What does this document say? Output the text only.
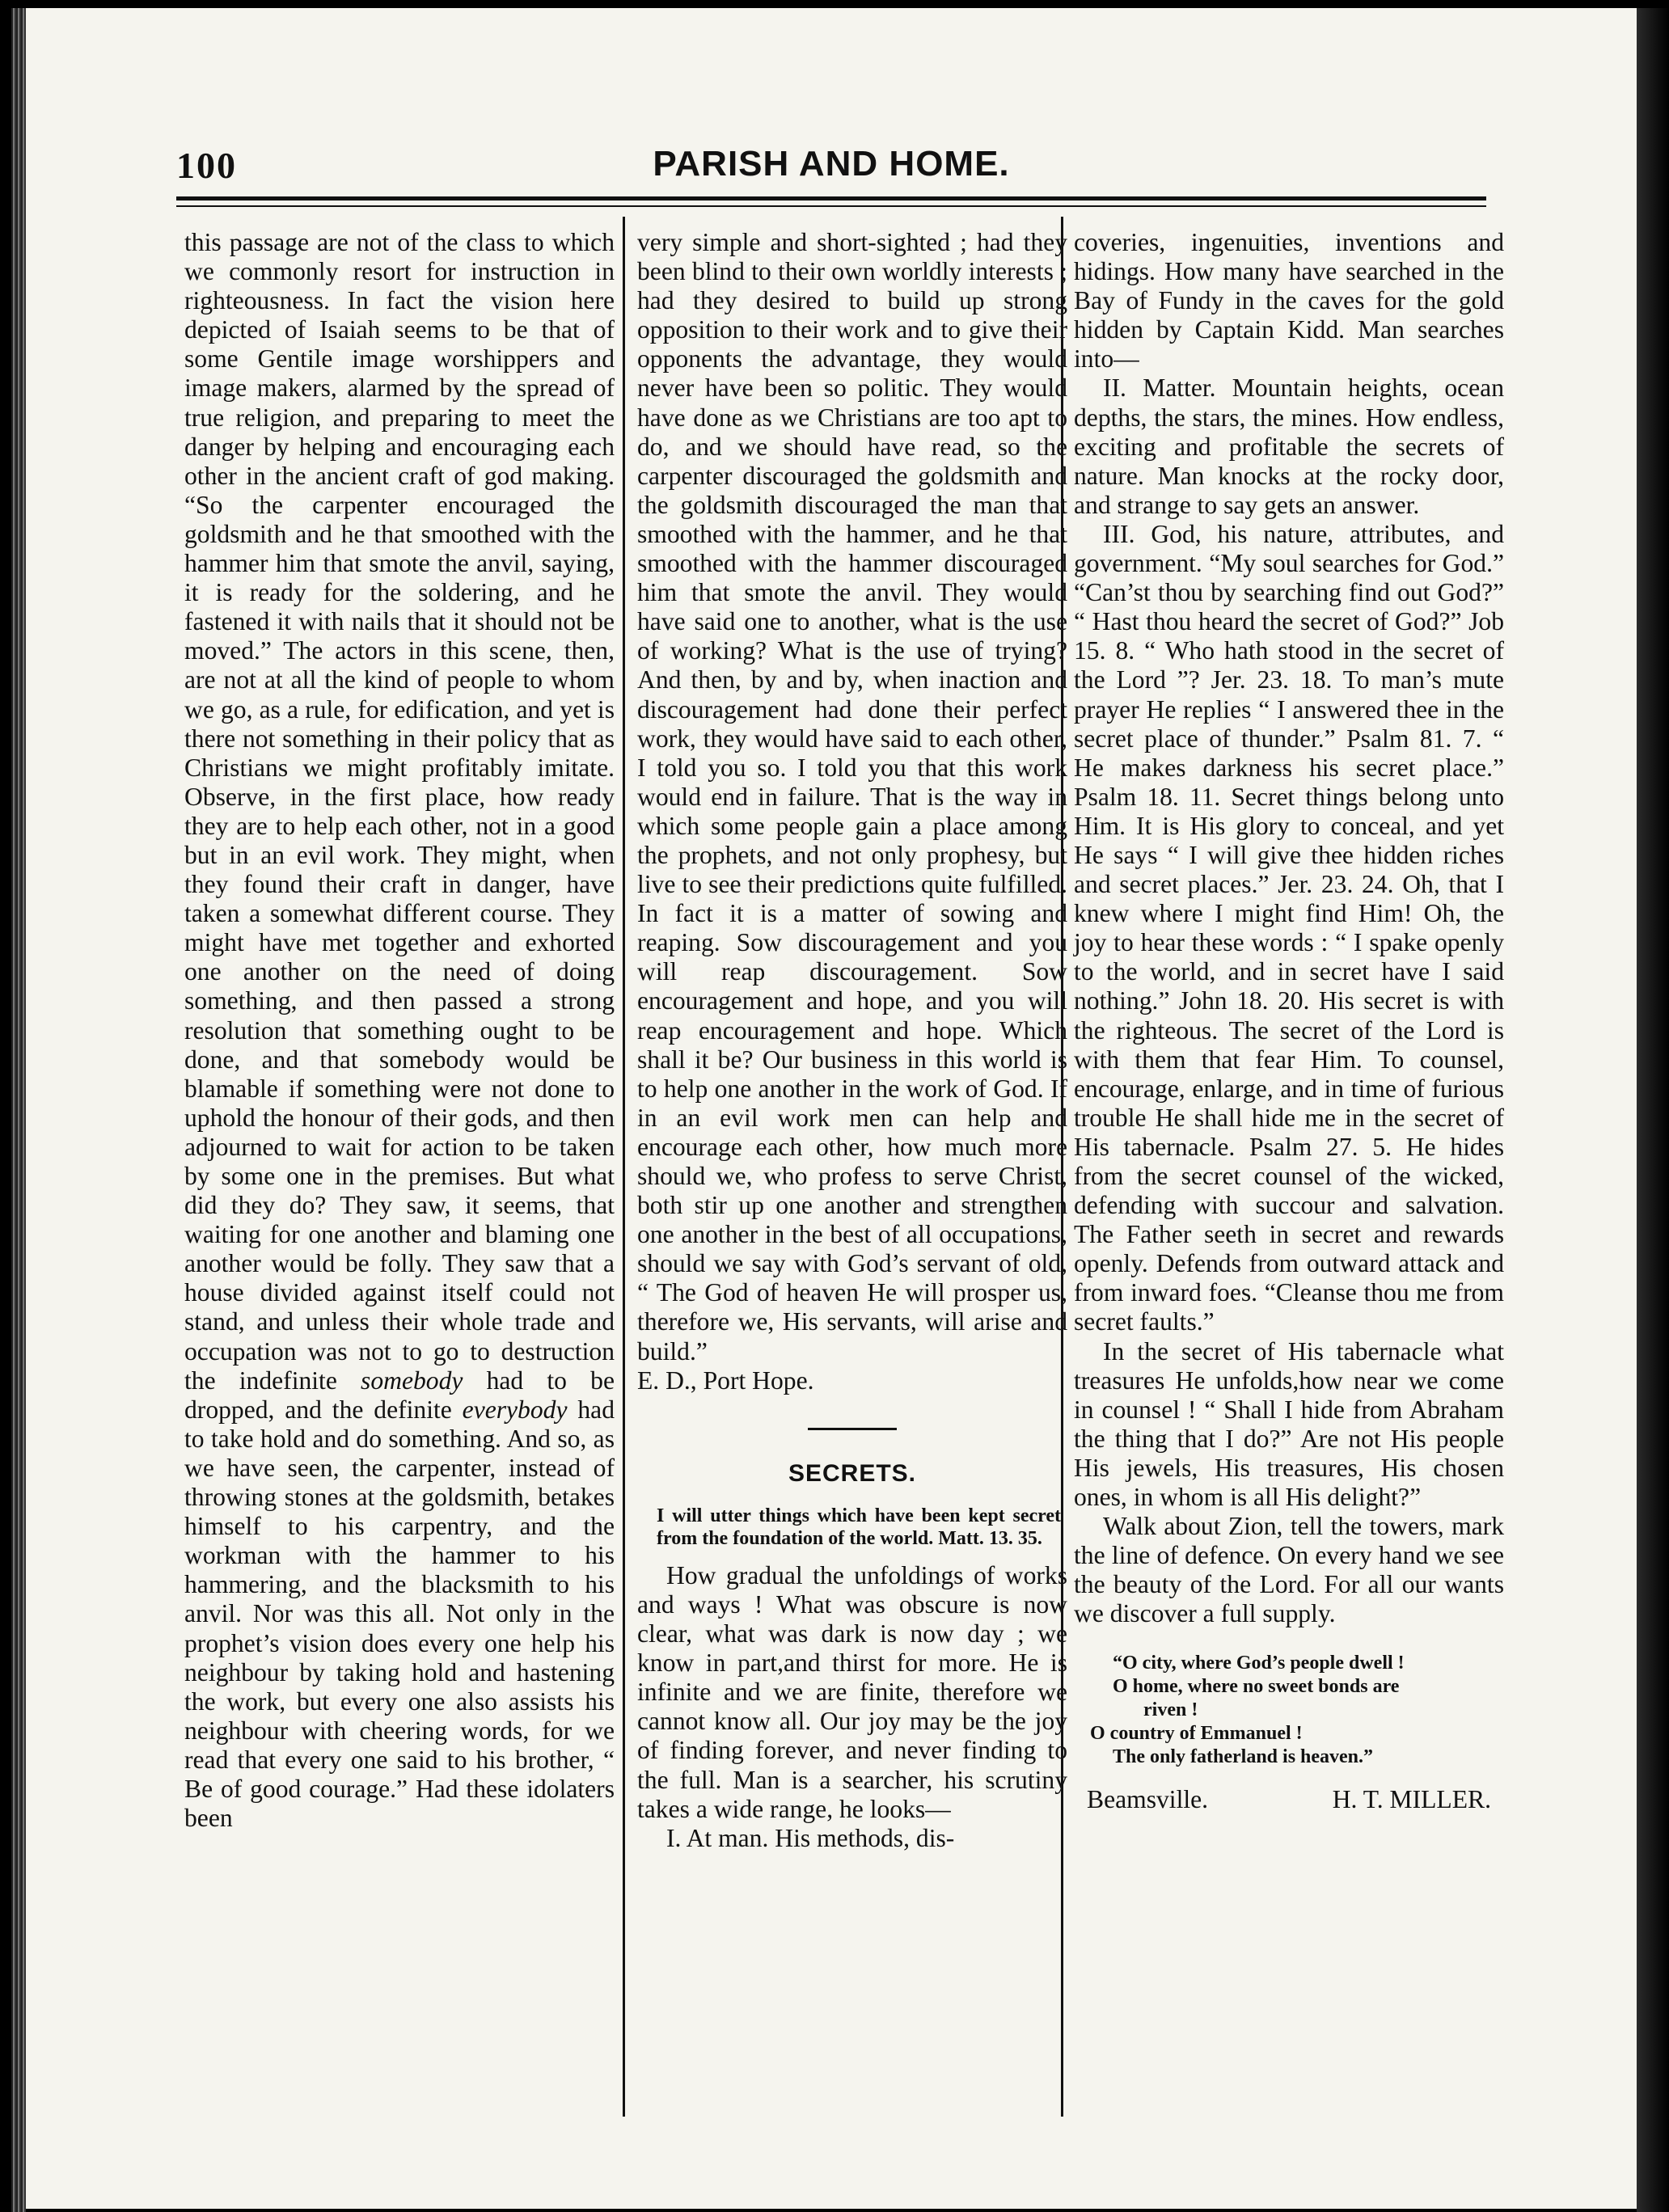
100	PARISH AND HOME.

this passage are not of the class to which we commonly resort for instruction in righteousness. In fact the vision here depicted of Isaiah seems to be that of some Gentile image worshippers and image makers, alarmed by the spread of true religion, and preparing to meet the danger by helping and encouraging each other in the ancient craft of god making. “So the carpenter encouraged the goldsmith and he that smoothed with the hammer him that smote the anvil, saying, it is ready for the soldering, and he fastened it with nails that it should not be moved.” The actors in this scene, then, are not at all the kind of people to whom we go, as a rule, for edification, and yet is there not something in their policy that as Christians we might profitably imitate. Observe, in the first place, how ready they are to help each other, not in a good but in an evil work. They might, when they found their craft in danger, have taken a somewhat different course. They might have met together and exhorted one another on the need of doing something, and then passed a strong resolution that something ought to be done, and that somebody would be blamable if something were not done to uphold the honour of their gods, and then adjourned to wait for action to be taken by some one in the premises. But what did they do? They saw, it seems, that waiting for one another and blaming one another would be folly. They saw that a house divided against itself could not stand, and unless their whole trade and occupation was not to go to destruction the indefinite somebody had to be dropped, and the definite everybody had to take hold and do something. And so, as we have seen, the carpenter, instead of throwing stones at the goldsmith, betakes himself to his carpentry, and the workman with the hammer to his hammering, and the blacksmith to his anvil. Nor was this all. Not only in the prophet’s vision does every one help his neighbour by taking hold and hastening the work, but every one also assists his neighbour with cheering words, for we read that every one said to his brother, “ Be of good courage.” Had these idolaters been

very simple and short-sighted ; had they been blind to their own worldly interests ; had they desired to build up strong opposition to their work and to give their opponents the advantage, they would never have been so politic. They would have done as we Christians are too apt to do, and we should have read, so the carpenter discouraged the goldsmith and the goldsmith discouraged the man that smoothed with the hammer, and he that smoothed with the hammer discouraged him that smote the anvil. They would have said one to another, what is the use of working? What is the use of trying? And then, by and by, when inaction and discouragement had done their perfect work, they would have said to each other, I told you so. I told you that this work would end in failure. That is the way in which some people gain a place among the prophets, and not only prophesy, but live to see their predictions quite fulfilled. In fact it is a matter of sowing and reaping. Sow discouragement and you will reap discouragement. Sow encouragement and hope, and you will reap encouragement and hope. Which shall it be? Our business in this world is to help one another in the work of God. If in an evil work men can help and encourage each other, how much more should we, who profess to serve Christ, both stir up one another and strengthen one another in the best of all occupations, should we say with God’s servant of old, “ The God of heaven He will prosper us, therefore we, His servants, will arise and build.”

E. D., Port Hope.

SECRETS.

I will utter things which have been kept secret from the foundation of the world. Matt. 13. 35.

How gradual the unfoldings of works and ways ! What was obscure is now clear, what was dark is now day ; we know in part,and thirst for more. He is infinite and we are finite, therefore we cannot know all. Our joy may be the joy of finding forever, and never finding to the full. Man is a searcher, his scrutiny takes a wide range, he looks—

I. At man. His methods, dis-

coveries, ingenuities, inventions and hidings. How many have searched in the Bay of Fundy in the caves for the gold hidden by Captain Kidd. Man searches into—

II. Matter. Mountain heights, ocean depths, the stars, the mines. How endless, exciting and profitable the secrets of nature. Man knocks at the rocky door, and strange to say gets an answer.

III. God, his nature, attributes, and government. “My soul searches for God.” “Can’st thou by searching find out God?” “ Hast thou heard the secret of God?” Job 15. 8. “ Who hath stood in the secret of the Lord ”? Jer. 23. 18. To man’s mute prayer He replies “ I answered thee in the secret place of thunder.” Psalm 81. 7. “ He makes darkness his secret place.” Psalm 18. 11. Secret things belong unto Him. It is His glory to conceal, and yet He says “ I will give thee hidden riches and secret places.” Jer. 23. 24. Oh, that I knew where I might find Him! Oh, the joy to hear these words : “ I spake openly to the world, and in secret have I said nothing.” John 18. 20. His secret is with the righteous. The secret of the Lord is with them that fear Him. To counsel, encourage, enlarge, and in time of furious trouble He shall hide me in the secret of His tabernacle. Psalm 27. 5. He hides from the secret counsel of the wicked, defending with succour and salvation. The Father seeth in secret and rewards openly. Defends from outward attack and from inward foes. “Cleanse thou me from secret faults.”

In the secret of His tabernacle what treasures He unfolds,how near we come in counsel ! “ Shall I hide from Abraham the thing that I do?” Are not His people His jewels, His treasures, His chosen ones, in whom is all His delight?”

Walk about Zion, tell the towers, mark the line of defence. On every hand we see the beauty of the Lord. For all our wants we discover a full supply.

“O city, where God’s people dwell !
O home, where no sweet bonds are
riven !
O country of Emmanuel !
The only fatherland is heaven.”
Beamsville.	H. T. MILLER.
